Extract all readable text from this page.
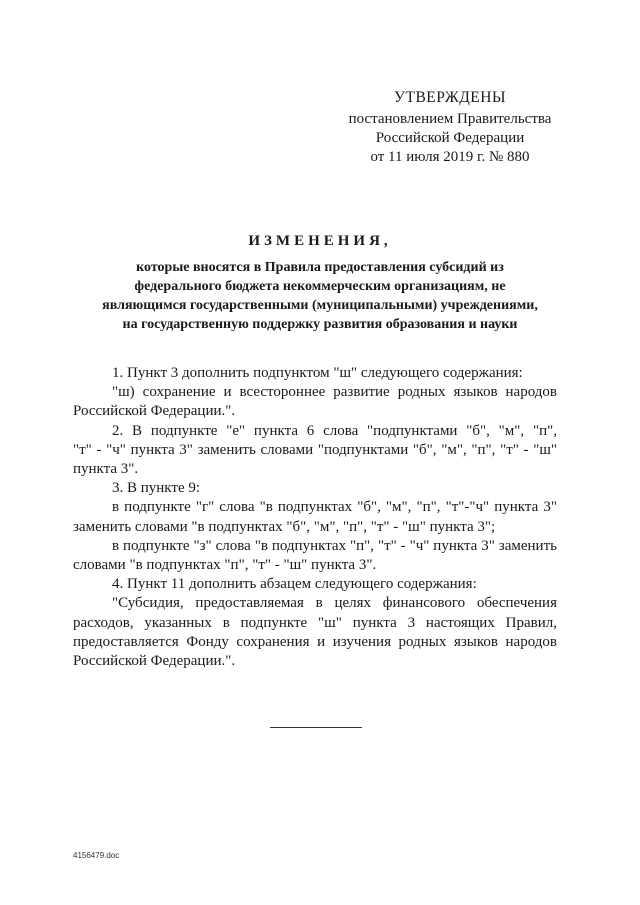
УТВЕРЖДЕНЫ
постановлением Правительства
Российской Федерации
от 11 июля 2019 г. № 880
ИЗМЕНЕНИЯ,
которые вносятся в Правила предоставления субсидий из
федерального бюджета некоммерческим организациям, не
являющимся государственными (муниципальными) учреждениями,
на государственную поддержку развития образования и науки
1. Пункт 3 дополнить подпунктом "ш" следующего содержания:
"ш) сохранение и всестороннее развитие родных языков народов
Российской Федерации.".
2. В подпункте "е" пункта 6 слова "подпунктами "б", "м", "п",
"т" - "ч" пункта 3" заменить словами "подпунктами "б", "м", "п", "т" - "ш"
пункта 3".
3. В пункте 9:
в подпункте "г" слова "в подпунктах "б", "м", "п", "т"-"ч" пункта 3"
заменить словами "в подпунктах "б", "м", "п", "т" - "ш" пункта 3";
в подпункте "з" слова "в подпунктах "п", "т" - "ч" пункта 3" заменить
словами "в подпунктах "п", "т" - "ш" пункта 3".
4. Пункт 11 дополнить абзацем следующего содержания:
"Субсидия, предоставляемая в целях финансового обеспечения
расходов, указанных в подпункте "ш" пункта 3 настоящих Правил,
предоставляется Фонду сохранения и изучения родных языков народов
Российской Федерации.".
4156479.doc
